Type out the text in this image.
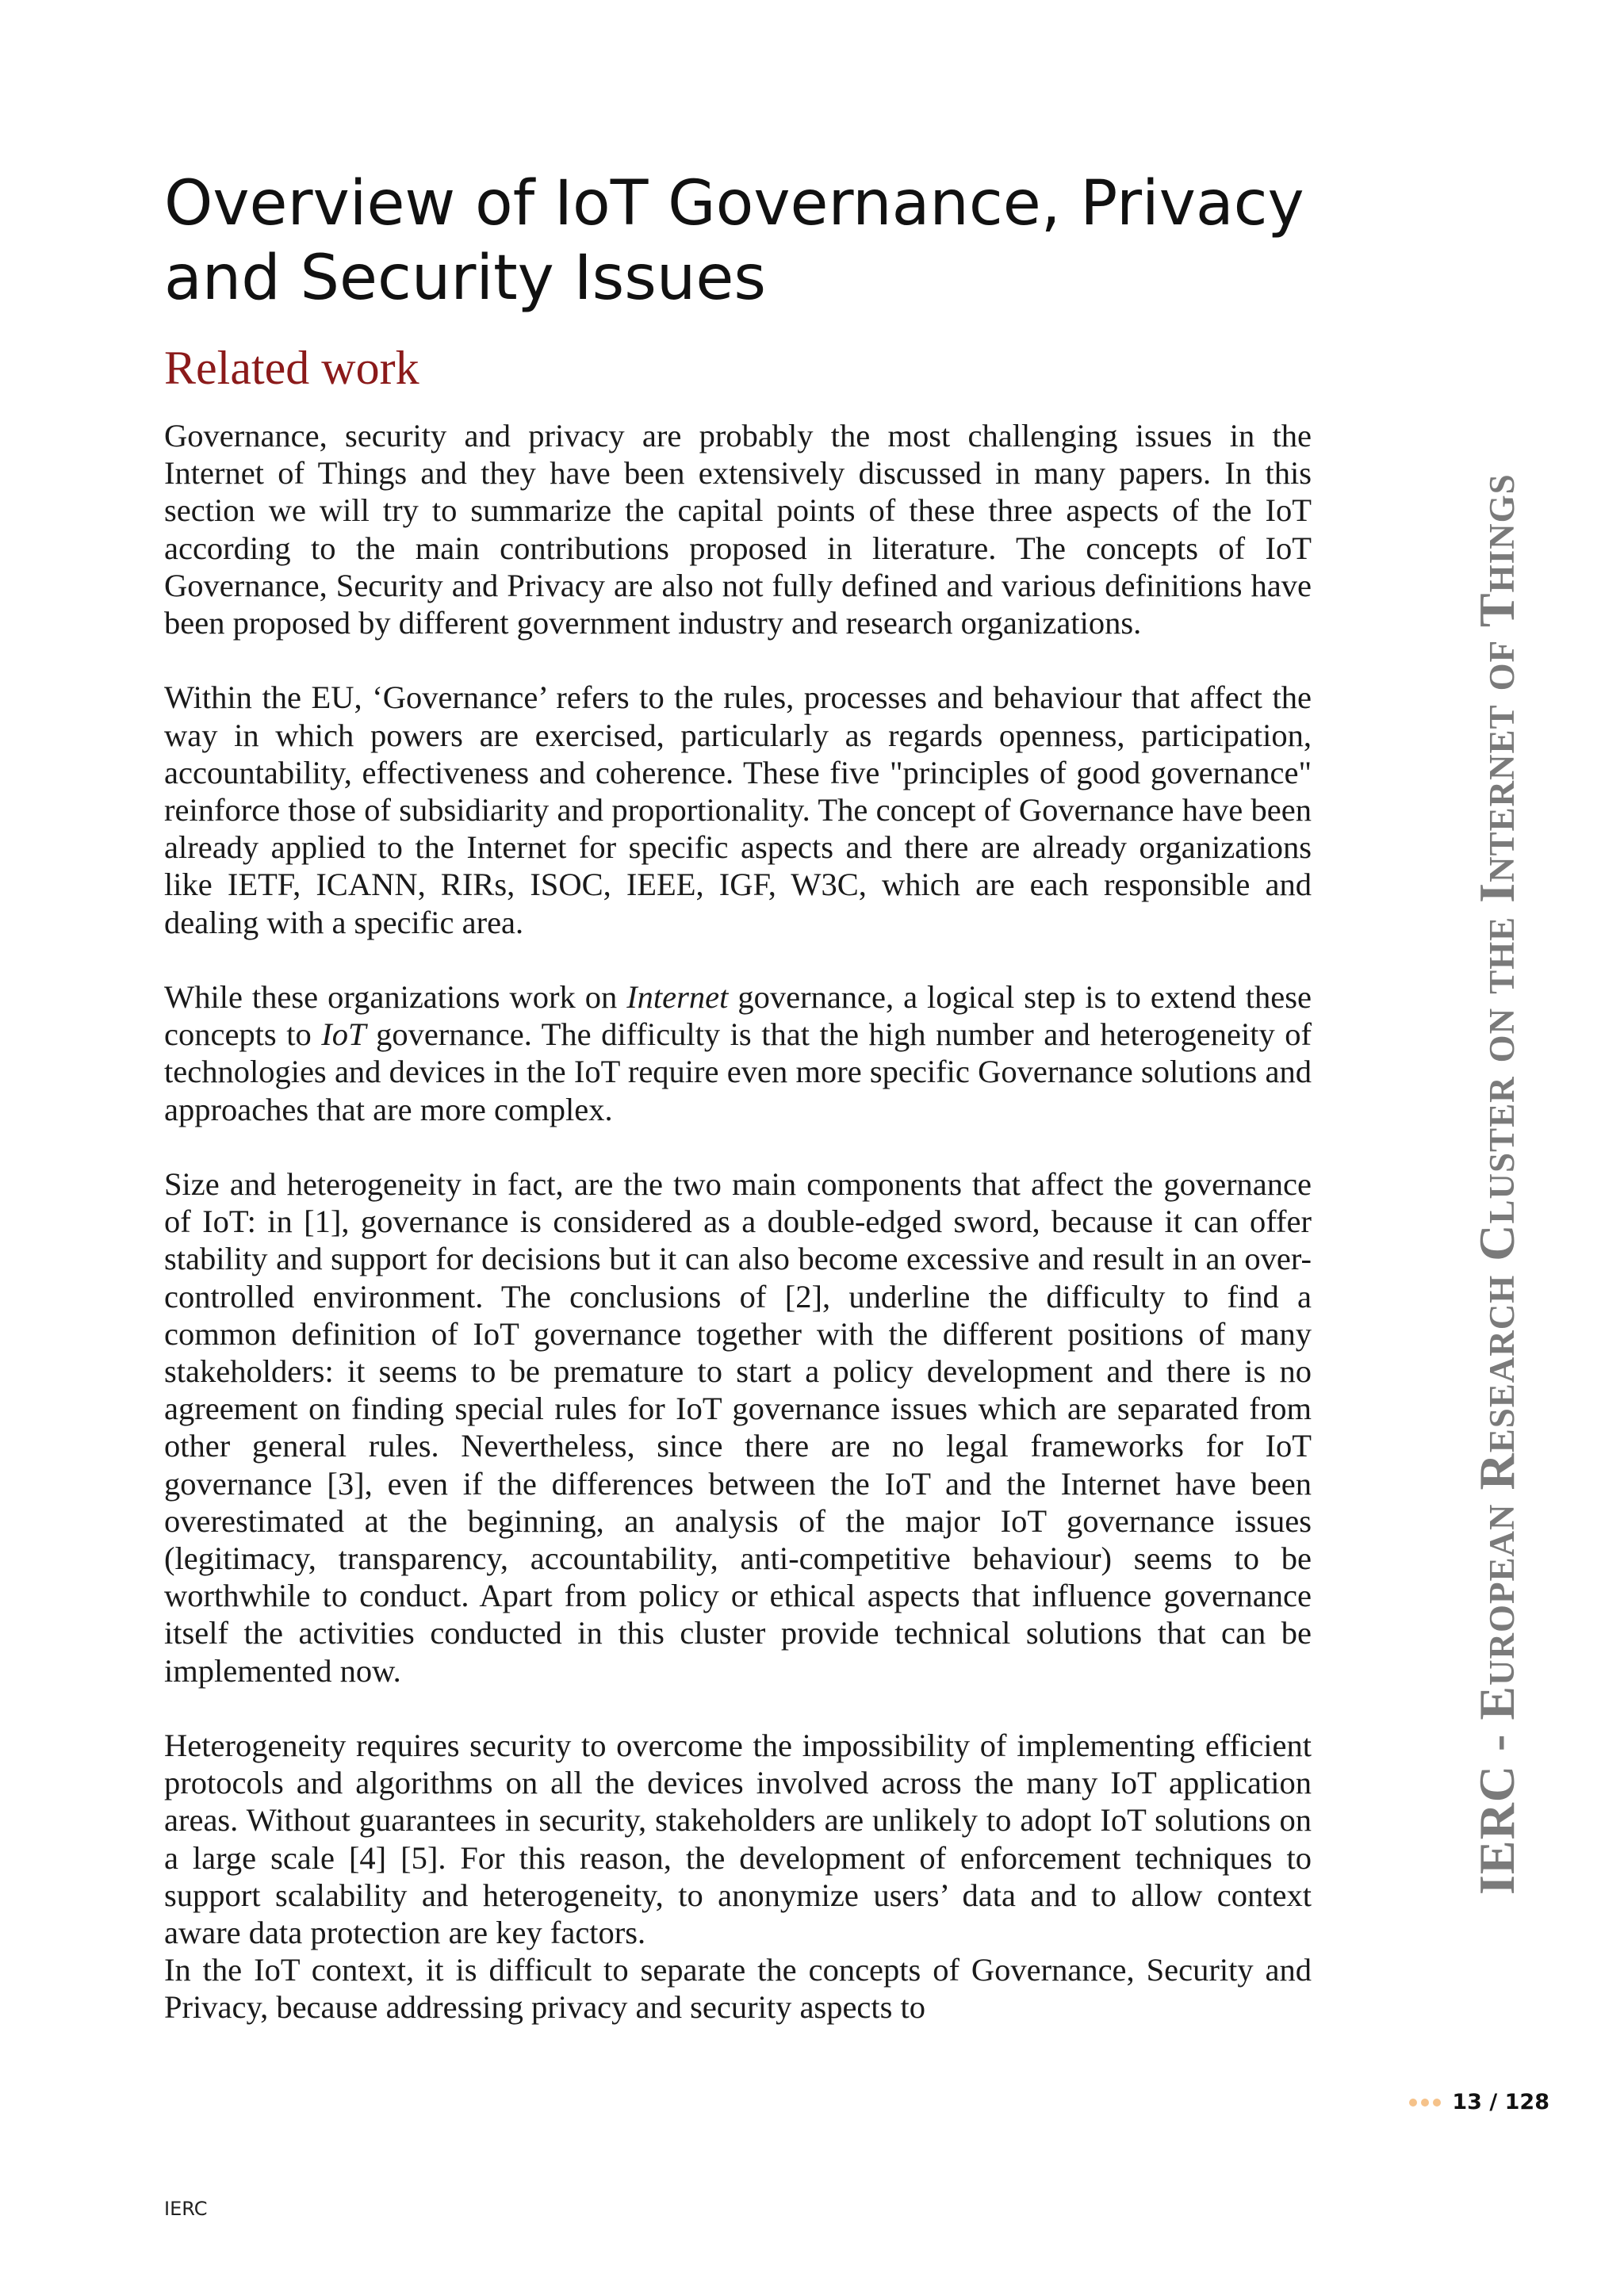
Overview of IoT Governance, Privacy
and Security Issues
Related work

Governance, security and privacy are probably the most challenging issues in the Internet of Things and they have been extensively discussed in many papers. In this section we will try to summarize the capital points of these three aspects of the IoT according to the main contributions proposed in literature. The concepts of IoT Governance, Security and Privacy are also not fully defined and various definitions have been proposed by different government industry and research organizations.

Within the EU, ‘Governance’ refers to the rules, processes and behaviour that affect the way in which powers are exercised, particularly as regards openness, participation, accountability, effectiveness and coherence. These five "principles of good governance" reinforce those of subsidiarity and proportionality. The concept of Governance have been already applied to the Internet for specific aspects and there are already organizations like IETF, ICANN, RIRs, ISOC, IEEE, IGF, W3C, which are each responsible and dealing with a specific area.

While these organizations work on Internet governance, a logical step is to extend these concepts to IoT governance. The difficulty is that the high number and heterogeneity of technologies and devices in the IoT require even more specific Governance solutions and approaches that are more complex.

Size and heterogeneity in fact, are the two main components that affect the governance of IoT: in [1], governance is considered as a double-edged sword, because it can offer stability and support for decisions but it can also become excessive and result in an over-controlled environment. The conclusions of [2], underline the difficulty to find a common definition of IoT governance together with the different positions of many stakeholders: it seems to be premature to start a policy development and there is no agreement on finding special rules for IoT governance issues which are separated from other general rules. Nevertheless, since there are no legal frameworks for IoT governance [3], even if the differences between the IoT and the Internet have been overestimated at the beginning, an analysis of the major IoT governance issues (legitimacy, transparency, accountability, anti-competitive behaviour) seems to be worthwhile to conduct. Apart from policy or ethical aspects that influence governance itself the activities conducted in this cluster provide technical solutions that can be implemented now.

Heterogeneity requires security to overcome the impossibility of implementing efficient protocols and algorithms on all the devices involved across the many IoT application areas. Without guarantees in security, stakeholders are unlikely to adopt IoT solutions on a large scale [4] [5]. For this reason, the development of enforcement techniques to support scalability and heterogeneity, to anonymize users’ data and to allow context aware data protection are key factors.

In the IoT context, it is difficult to separate the concepts of Governance, Security and Privacy, because addressing privacy and security aspects to

IERC - European Research Cluster on the Internet of Things
13 / 128
IERC
